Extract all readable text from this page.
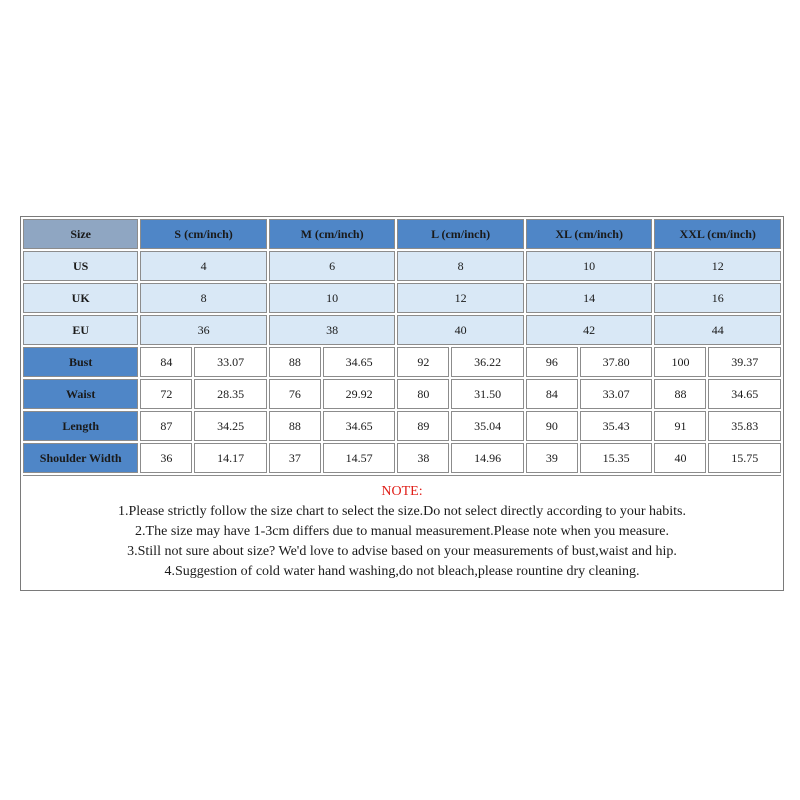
Size	S (cm/inch)		M (cm/inch)		L (cm/inch)		XL (cm/inch)		XXL (cm/inch)	
US	4		6		8		10		12	
UK	8		10		12		14		16	
EU	36		38		40		42		44	
Bust	84	33.07	88	34.65	92	36.22	96	37.80	100	39.37
Waist	72	28.35	76	29.92	80	31.50	84	33.07	88	34.65
Length	87	34.25	88	34.65	89	35.04	90	35.43	91	35.83
Shoulder Width	36	14.17	37	14.57	38	14.96	39	15.35	40	15.75
NOTE:
1.Please strictly follow the size chart to select the size.Do not select directly according to your habits.
2.The size may have 1-3cm differs due to manual measurement.Please note when you measure.
3.Still not sure about size? We'd love to advise based on your measurements of bust,waist and hip.
4.Suggestion of cold water hand washing,do not bleach,please rountine dry cleaning.
